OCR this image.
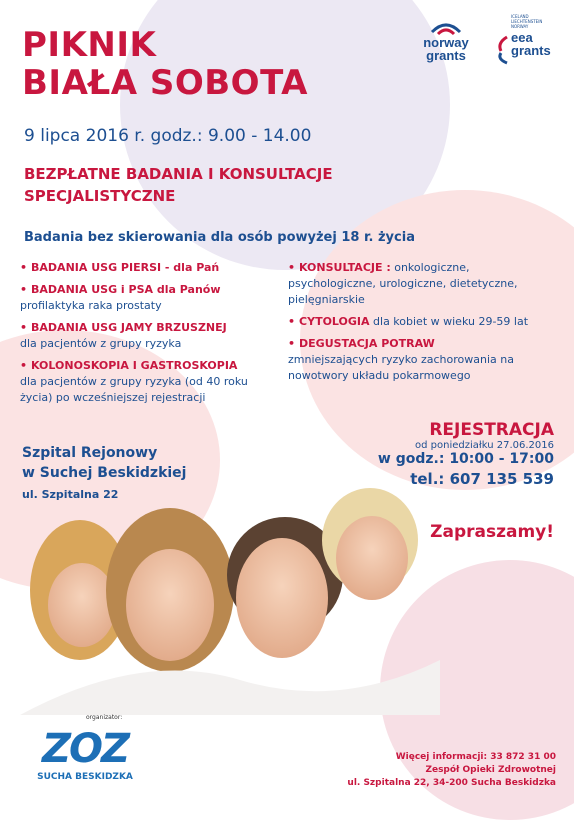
PIKNIK
BIAŁA SOBOTA
norway
grants
ICELAND LIECHTENSTEIN NORWAY
eea
grants
9 lipca 2016 r. godz.: 9.00 - 14.00
BEZPŁATNE BADANIA I KONSULTACJE
SPECJALISTYCZNE
Badania bez skierowania dla osób powyżej 18 r. życia
• BADANIA USG PIERSI - dla Pań
• BADANIA USG i PSA dla Panów
profilaktyka raka prostaty
• BADANIA USG JAMY BRZUSZNEJ
dla pacjentów z grupy ryzyka
• KOLONOSKOPIA I GASTROSKOPIA
dla pacjentów z grupy ryzyka (od 40 roku życia) po wcześniejszej rejestracji
• KONSULTACJE : onkologiczne, psychologiczne, urologiczne, dietetyczne, pielęgniarskie
• CYTOLOGIA dla kobiet w wieku 29-59 lat
• DEGUSTACJA POTRAW
zmniejszających ryzyko zachorowania na nowotwory układu pokarmowego
Szpital Rejonowy
w Suchej Beskidzkiej
ul. Szpitalna 22
REJESTRACJA
od poniedziałku 27.06.2016
w godz.: 10:00 - 17:00
tel.: 607 135 539
Zapraszamy!
organizator:
ZOZ
SUCHA BESKIDZKA
Więcej informacji: 33 872 31 00
Zespół Opieki Zdrowotnej
ul. Szpitalna 22, 34-200 Sucha Beskidzka
